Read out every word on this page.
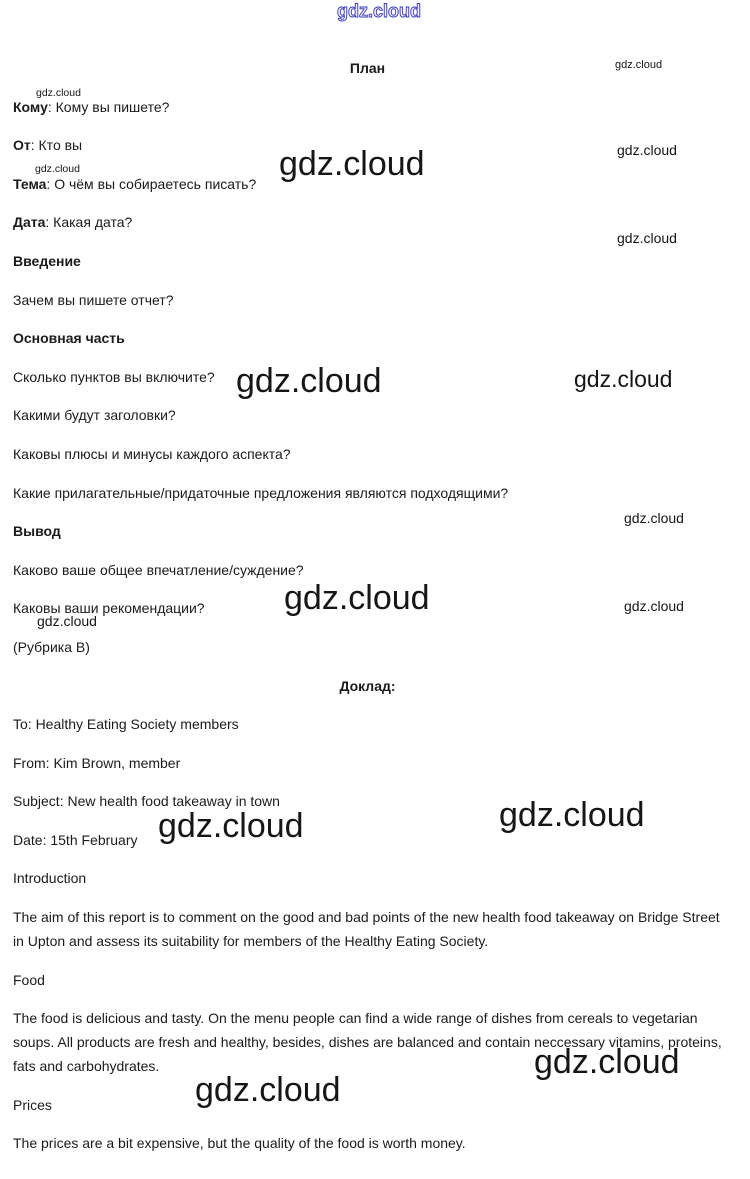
gdz.cloud
gdz.cloud
gdz.cloud
gdz.cloud
gdz.cloud
gdz.cloud
gdz.cloud
gdz.cloud	gdz.cloud
gdz.cloud
gdz.cloud	gdz.cloud
gdz.cloud
gdz.cloud	gdz.cloud
gdz.cloud
gdz.cloud

План

Кому: Кому вы пишете?

От: Кто вы

Тема: О чём вы собираетесь писать?

Дата: Какая дата?

Введение

Зачем вы пишете отчет?

Основная часть

Сколько пунктов вы включите?

Какими будут заголовки?

Каковы плюсы и минусы каждого аспекта?

Какие прилагательные/придаточные предложения являются подходящими?

Вывод

Каково ваше общее впечатление/суждение?

Каковы ваши рекомендации?

(Рубрика B)

Доклад:

To: Healthy Eating Society members

From: Kim Brown, member

Subject: New health food takeaway in town

Date: 15th February

Introduction

The aim of this report is to comment on the good and bad points of the new health food takeaway on Bridge Street in Upton and assess its suitability for members of the Healthy Eating Society.

Food

The food is delicious and tasty. On the menu people can find a wide range of dishes from cereals to vegetarian soups. All products are fresh and healthy, besides, dishes are balanced and contain neccessary vitamins, proteins, fats and carbohydrates.

Prices

The prices are a bit expensive, but the quality of the food is worth money.
